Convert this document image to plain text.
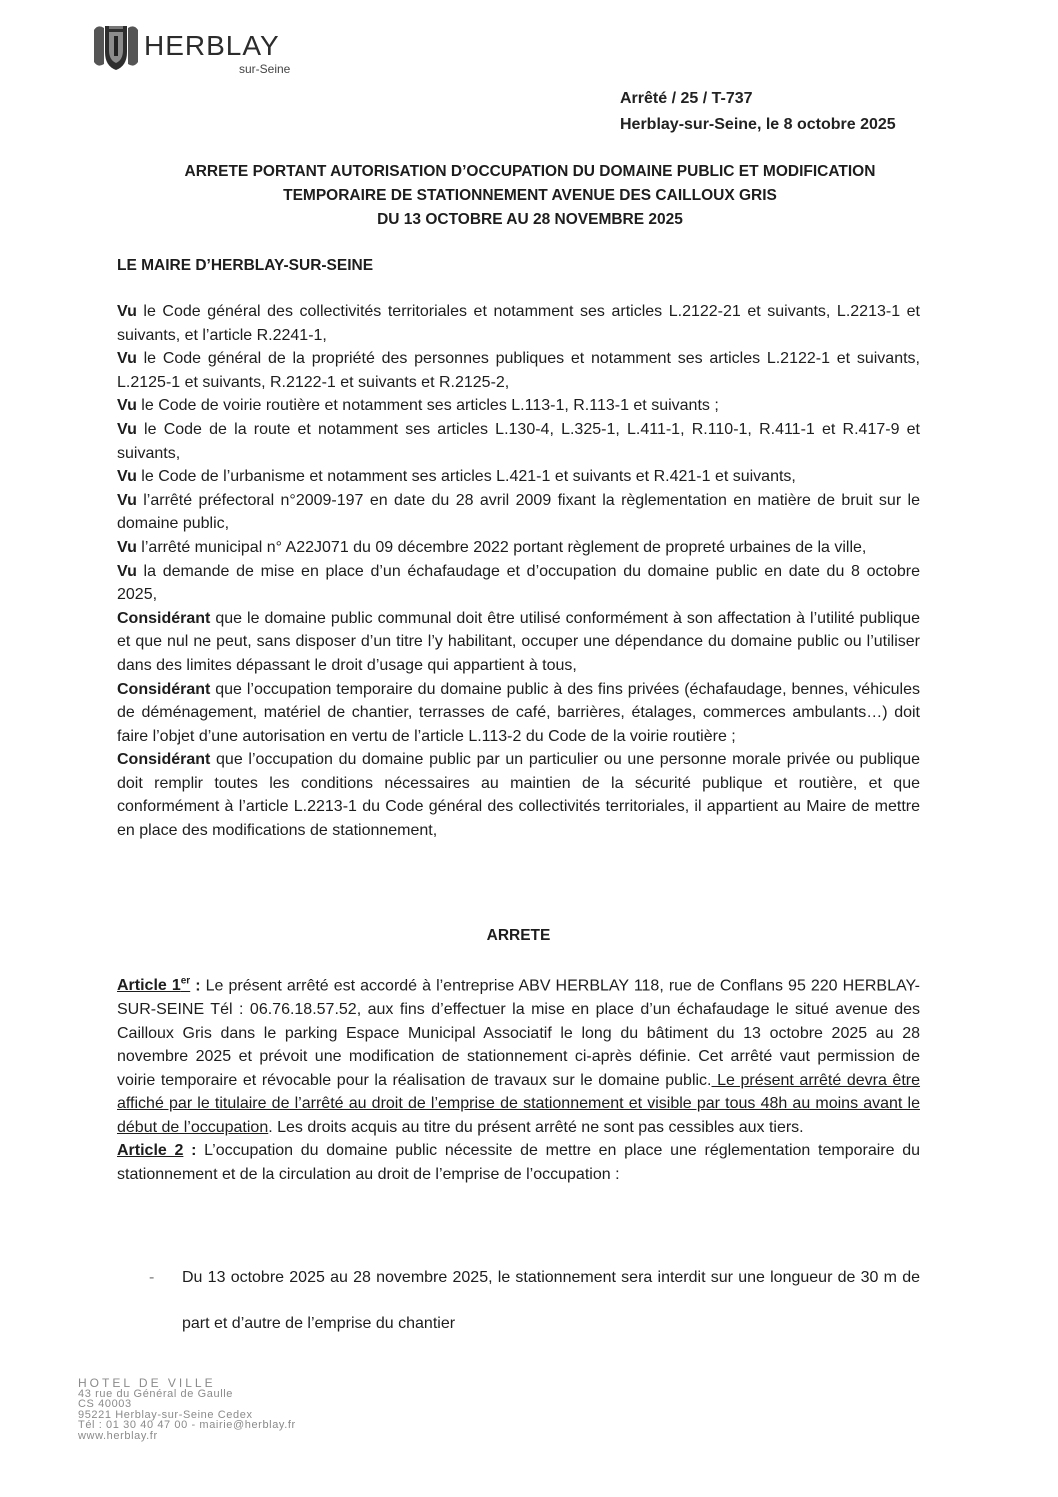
HERBLAY
sur-Seine
Arrêté / 25 / T-737
Herblay-sur-Seine, le 8 octobre 2025
ARRETE PORTANT AUTORISATION D’OCCUPATION DU DOMAINE PUBLIC ET MODIFICATION
TEMPORAIRE DE STATIONNEMENT AVENUE DES CAILLOUX GRIS
DU 13 OCTOBRE AU 28 NOVEMBRE 2025
LE MAIRE D’HERBLAY-SUR-SEINE
Vu le Code général des collectivités territoriales et notamment ses articles L.2122-21 et suivants, L.2213-1 et suivants, et l’article R.2241-1,
Vu le Code général de la propriété des personnes publiques et notamment ses articles L.2122-1 et suivants, L.2125-1 et suivants, R.2122-1 et suivants et R.2125-2,
Vu le Code de voirie routière et notamment ses articles L.113-1, R.113-1 et suivants ;
Vu le Code de la route et notamment ses articles L.130-4, L.325-1, L.411-1, R.110-1, R.411-1 et R.417-9 et suivants,
Vu le Code de l’urbanisme et notamment ses articles L.421-1 et suivants et R.421-1 et suivants,
Vu l’arrêté préfectoral n°2009-197 en date du 28 avril 2009 fixant la règlementation en matière de bruit sur le domaine public,
Vu l’arrêté municipal n° A22J071 du 09 décembre 2022 portant règlement de propreté urbaines de la ville,
Vu la demande de mise en place d’un échafaudage et d’occupation du domaine public en date du 8 octobre 2025,
Considérant que le domaine public communal doit être utilisé conformément à son affectation à l’utilité publique et que nul ne peut, sans disposer d’un titre l’y habilitant, occuper une dépendance du domaine public ou l’utiliser dans des limites dépassant le droit d’usage qui appartient à tous,
Considérant que l’occupation temporaire du domaine public à des fins privées (échafaudage, bennes, véhicules de déménagement, matériel de chantier, terrasses de café, barrières, étalages, commerces ambulants…) doit faire l’objet d’une autorisation en vertu de l’article L.113-2 du Code de la voirie routière ;
Considérant que l’occupation du domaine public par un particulier ou une personne morale privée ou publique doit remplir toutes les conditions nécessaires au maintien de la sécurité publique et routière, et que conformément à l’article L.2213-1 du Code général des collectivités territoriales, il appartient au Maire de mettre en place des modifications de stationnement,
ARRETE
Article 1er : Le présent arrêté est accordé à l’entreprise ABV HERBLAY 118, rue de Conflans 95 220 HERBLAY-SUR-SEINE Tél : 06.76.18.57.52, aux fins d’effectuer la mise en place d’un échafaudage le situé avenue des Cailloux Gris dans le parking Espace Municipal Associatif le long du bâtiment du 13 octobre 2025 au 28 novembre 2025 et prévoit une modification de stationnement ci-après définie. Cet arrêté vaut permission de voirie temporaire et révocable pour la réalisation de travaux sur le domaine public. Le présent arrêté devra être affiché par le titulaire de l’arrêté au droit de l’emprise de stationnement et visible par tous 48h au moins avant le début de l’occupation. Les droits acquis au titre du présent arrêté ne sont pas cessibles aux tiers.
Article 2 : L’occupation du domaine public nécessite de mettre en place une réglementation temporaire du stationnement et de la circulation au droit de l’emprise de l’occupation :
- Du 13 octobre 2025 au 28 novembre 2025, le stationnement sera interdit sur une longueur de 30 m de part et d’autre de l’emprise du chantier
HOTEL DE VILLE
43 rue du Général de Gaulle
CS 40003
95221 Herblay-sur-Seine Cedex
Tél : 01 30 40 47 00 - mairie@herblay.fr
www.herblay.fr
